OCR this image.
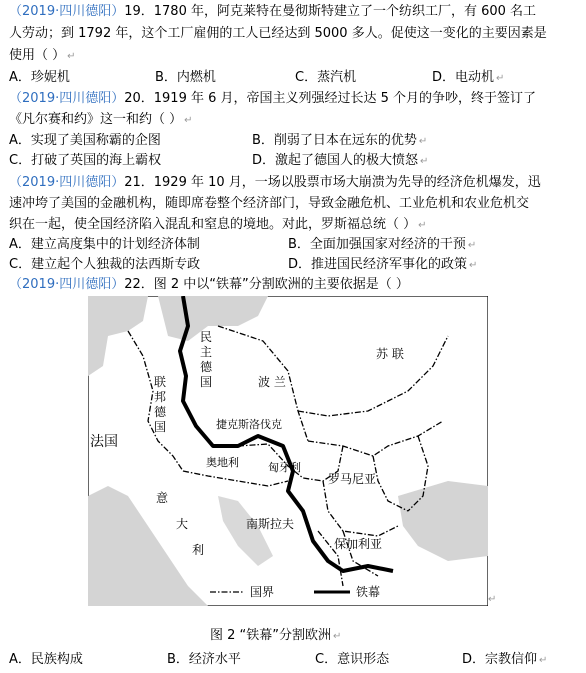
（2019·四川德阳）19．1780 年，阿克莱特在曼彻斯特建立了一个纺织工厂，有 600 名工
人劳动；到 1792 年，这个工厂雇佣的工人已经达到 5000 多人。促使这一变化的主要因素是
使用（ ） ↵
A．珍妮机	B．内燃机	C．蒸汽机	D．电动机 ↵
（2019·四川德阳）20．1919 年 6 月，帝国主义列强经过长达 5 个月的争吵，终于签订了
《凡尔赛和约》这一和约（ ） ↵
A．实现了美国称霸的企图	B．削弱了日本在远东的优势 ↵
C．打破了英国的海上霸权	D．激起了德国人的极大愤怒 ↵
（2019·四川德阳）21．1929 年 10 月，一场以股票市场大崩溃为先导的经济危机爆发，迅
速冲垮了美国的金融机构，随即席卷整个经济部门，导致金融危机、工业危机和农业危机交
织在一起，使全国经济陷入混乱和窒息的境地。对此，罗斯福总统（ ） ↵
A．建立高度集中的计划经济体制	B．全面加强国家对经济的干预 ↵
C．建立起个人独裁的法西斯专政	D．推进国民经济军事化的政策 ↵
（2019·四川德阳）22．图 2 中以“铁幕”分割欧洲的主要依据是（ ）
民
主
德
国
联
邦
德
国
波 兰
苏 联
法国
捷克斯洛伐克
奥地利	匈牙利
罗马尼亚
意
大
利
南斯拉夫
保加利亚
国界	铁幕
↵
图 2 “铁幕”分割欧洲 ↵
A．民族构成	B．经济水平	C．意识形态	D．宗教信仰 ↵
